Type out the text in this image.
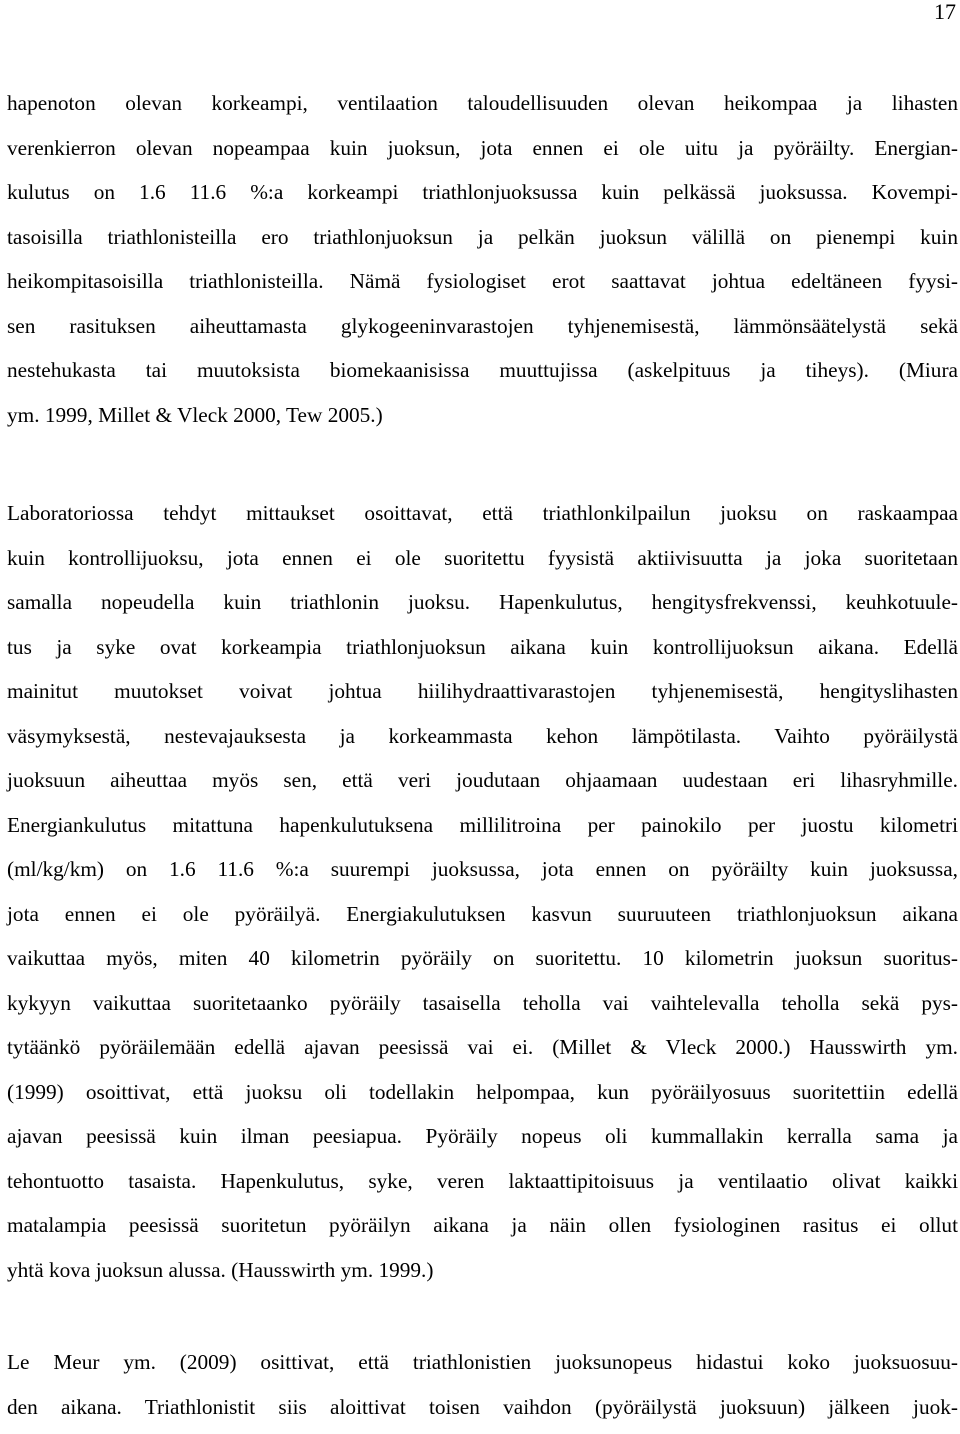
17
hapenoton olevan korkeampi, ventilaation taloudellisuuden olevan heikompaa ja lihasten
verenkierron olevan nopeampaa kuin juoksun, jota ennen ei ole uitu ja pyöräilty. Energian-
kulutus on 1.6 11.6 %:a korkeampi triathlonjuoksussa kuin pelkässä juoksussa. Kovempi-
tasoisilla triathlonisteilla ero triathlonjuoksun ja pelkän juoksun välillä on pienempi kuin
heikompitasoisilla triathlonisteilla. Nämä fysiologiset erot saattavat johtua edeltäneen fyysi-
sen rasituksen aiheuttamasta glykogeeninvarastojen tyhjenemisestä, lämmönsäätelystä sekä
nestehukasta tai muutoksista biomekaanisissa muuttujissa (askelpituus ja tiheys). (Miura
ym. 1999, Millet & Vleck 2000, Tew 2005.)
Laboratoriossa tehdyt mittaukset osoittavat, että triathlonkilpailun juoksu on raskaampaa
kuin kontrollijuoksu, jota ennen ei ole suoritettu fyysistä aktiivisuutta ja joka suoritetaan
samalla nopeudella kuin triathlonin juoksu. Hapenkulutus, hengitysfrekvenssi, keuhkotuule-
tus ja syke ovat korkeampia triathlonjuoksun aikana kuin kontrollijuoksun aikana. Edellä
mainitut muutokset voivat johtua hiilihydraattivarastojen tyhjenemisestä, hengityslihasten
väsymyksestä, nestevajauksesta ja korkeammasta kehon lämpötilasta. Vaihto pyöräilystä
juoksuun aiheuttaa myös sen, että veri joudutaan ohjaamaan uudestaan eri lihasryhmille.
Energiankulutus mitattuna hapenkulutuksena millilitroina per painokilo per juostu kilometri
(ml/kg/km) on 1.6 11.6 %:a suurempi juoksussa, jota ennen on pyöräilty kuin juoksussa,
jota ennen ei ole pyöräilyä. Energiakulutuksen kasvun suuruuteen triathlonjuoksun aikana
vaikuttaa myös, miten 40 kilometrin pyöräily on suoritettu. 10 kilometrin juoksun suoritus-
kykyyn vaikuttaa suoritetaanko pyöräily tasaisella teholla vai vaihtelevalla teholla sekä pys-
tytäänkö pyöräilemään edellä ajavan peesissä vai ei. (Millet & Vleck 2000.) Hausswirth ym.
(1999) osoittivat, että juoksu oli todellakin helpompaa, kun pyöräilyosuus suoritettiin edellä
ajavan peesissä kuin ilman peesiapua. Pyöräily nopeus oli kummallakin kerralla sama ja
tehontuotto tasaista. Hapenkulutus, syke, veren laktaattipitoisuus ja ventilaatio olivat kaikki
matalampia peesissä suoritetun pyöräilyn aikana ja näin ollen fysiologinen rasitus ei ollut
yhtä kova juoksun alussa. (Hausswirth ym. 1999.)
Le Meur ym. (2009) osittivat, että triathlonistien juoksunopeus hidastui koko juoksuosuu-
den aikana. Triathlonistit siis aloittivat toisen vaihdon (pyöräilystä juoksuun) jälkeen juok-
